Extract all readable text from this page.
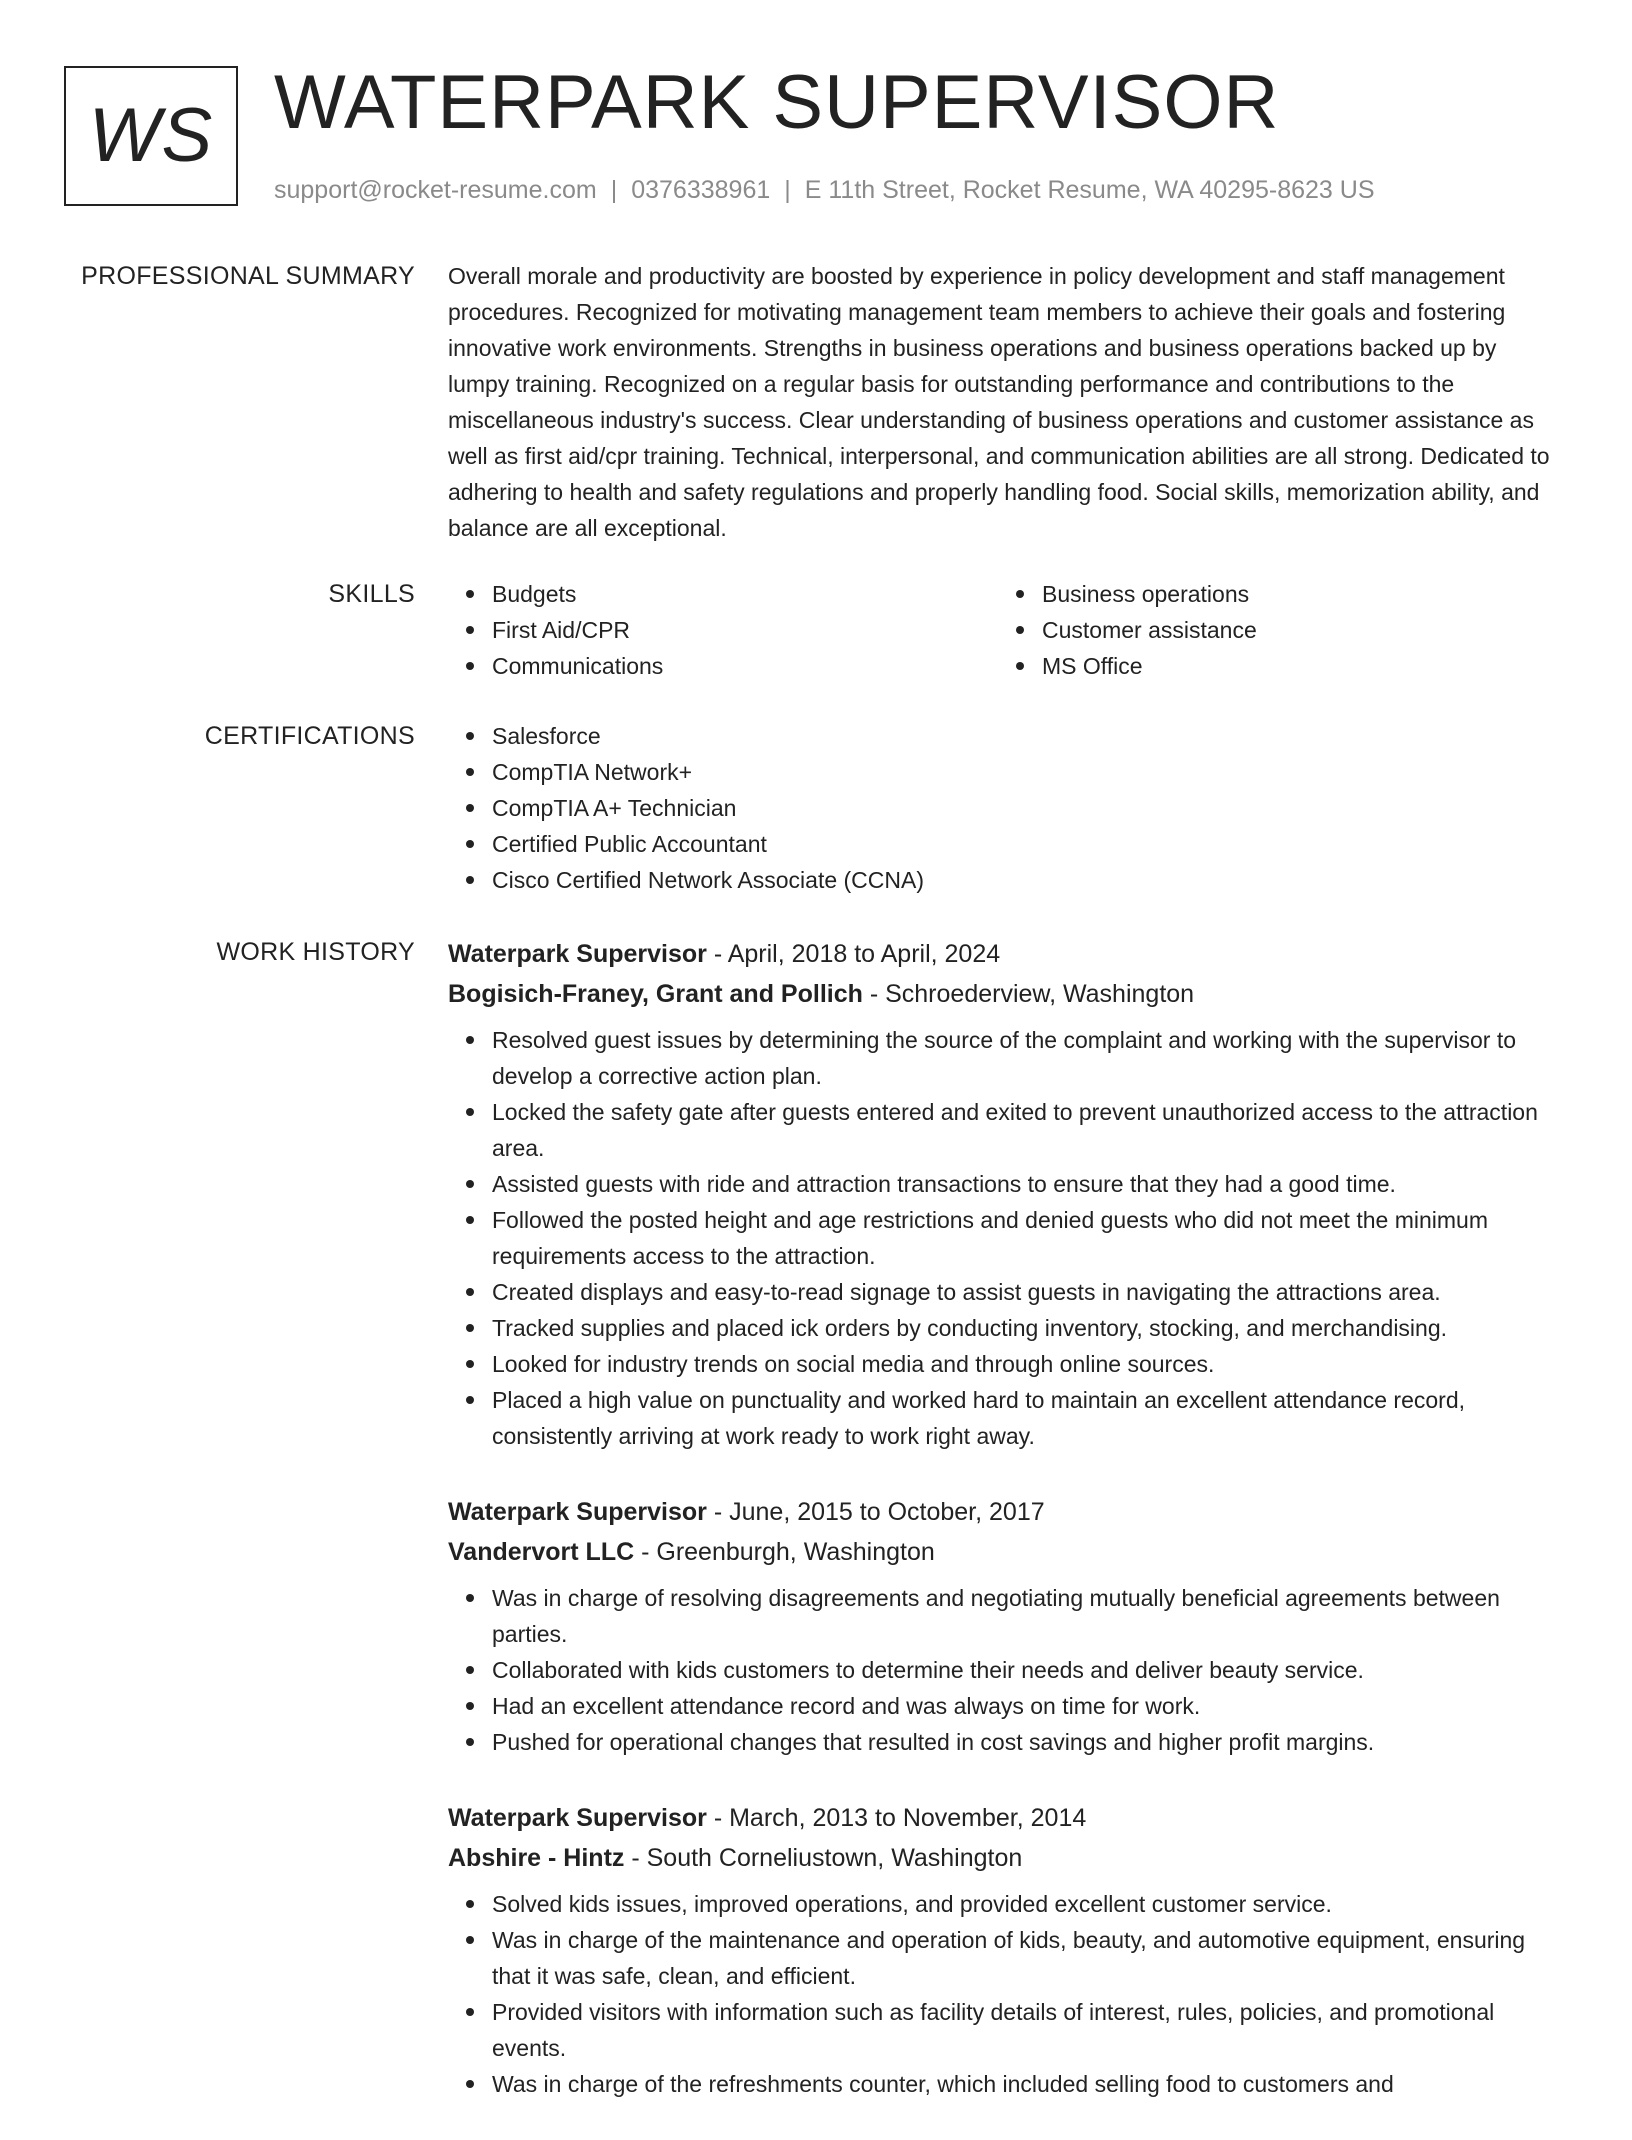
WS WATERPARK SUPERVISOR
support@rocket-resume.com | 0376338961 | E 11th Street, Rocket Resume, WA 40295-8623 US
PROFESSIONAL SUMMARY Overall morale and productivity are boosted by experience in policy development and staff management procedures. Recognized for motivating management team members to achieve their goals and fostering innovative work environments. Strengths in business operations and business operations backed up by lumpy training. Recognized on a regular basis for outstanding performance and contributions to the miscellaneous industry's success. Clear understanding of business operations and customer assistance as well as first aid/cpr training. Technical, interpersonal, and communication abilities are all strong. Dedicated to adhering to health and safety regulations and properly handling food. Social skills, memorization ability, and balance are all exceptional.

SKILLS	Budgets
First Aid/CPR
Communications
Business operations
Customer assistance
MS Office
CERTIFICATIONS	Salesforce
CompTIA Network+
CompTIA A+ Technician
Certified Public Accountant
Cisco Certified Network Associate (CCNA)
WORK HISTORY Waterpark Supervisor - April, 2018 to April, 2024
Bogisich-Franey, Grant and Pollich - Schroederview, Washington
Resolved guest issues by determining the source of the complaint and working with the supervisor to develop a corrective action plan.
Locked the safety gate after guests entered and exited to prevent unauthorized access to the attraction area.
Assisted guests with ride and attraction transactions to ensure that they had a good time.
Followed the posted height and age restrictions and denied guests who did not meet the minimum requirements access to the attraction.
Created displays and easy-to-read signage to assist guests in navigating the attractions area.
Tracked supplies and placed ick orders by conducting inventory, stocking, and merchandising.
Looked for industry trends on social media and through online sources.
Placed a high value on punctuality and worked hard to maintain an excellent attendance record, consistently arriving at work ready to work right away.
Waterpark Supervisor - June, 2015 to October, 2017
Vandervort LLC - Greenburgh, Washington
Was in charge of resolving disagreements and negotiating mutually beneficial agreements between parties.
Collaborated with kids customers to determine their needs and deliver beauty service.
Had an excellent attendance record and was always on time for work.
Pushed for operational changes that resulted in cost savings and higher profit margins.
Waterpark Supervisor - March, 2013 to November, 2014
Abshire - Hintz - South Corneliustown, Washington
Solved kids issues, improved operations, and provided excellent customer service.
Was in charge of the maintenance and operation of kids, beauty, and automotive equipment, ensuring that it was safe, clean, and efficient.
Provided visitors with information such as facility details of interest, rules, policies, and promotional events.
Was in charge of the refreshments counter, which included selling food to customers and
